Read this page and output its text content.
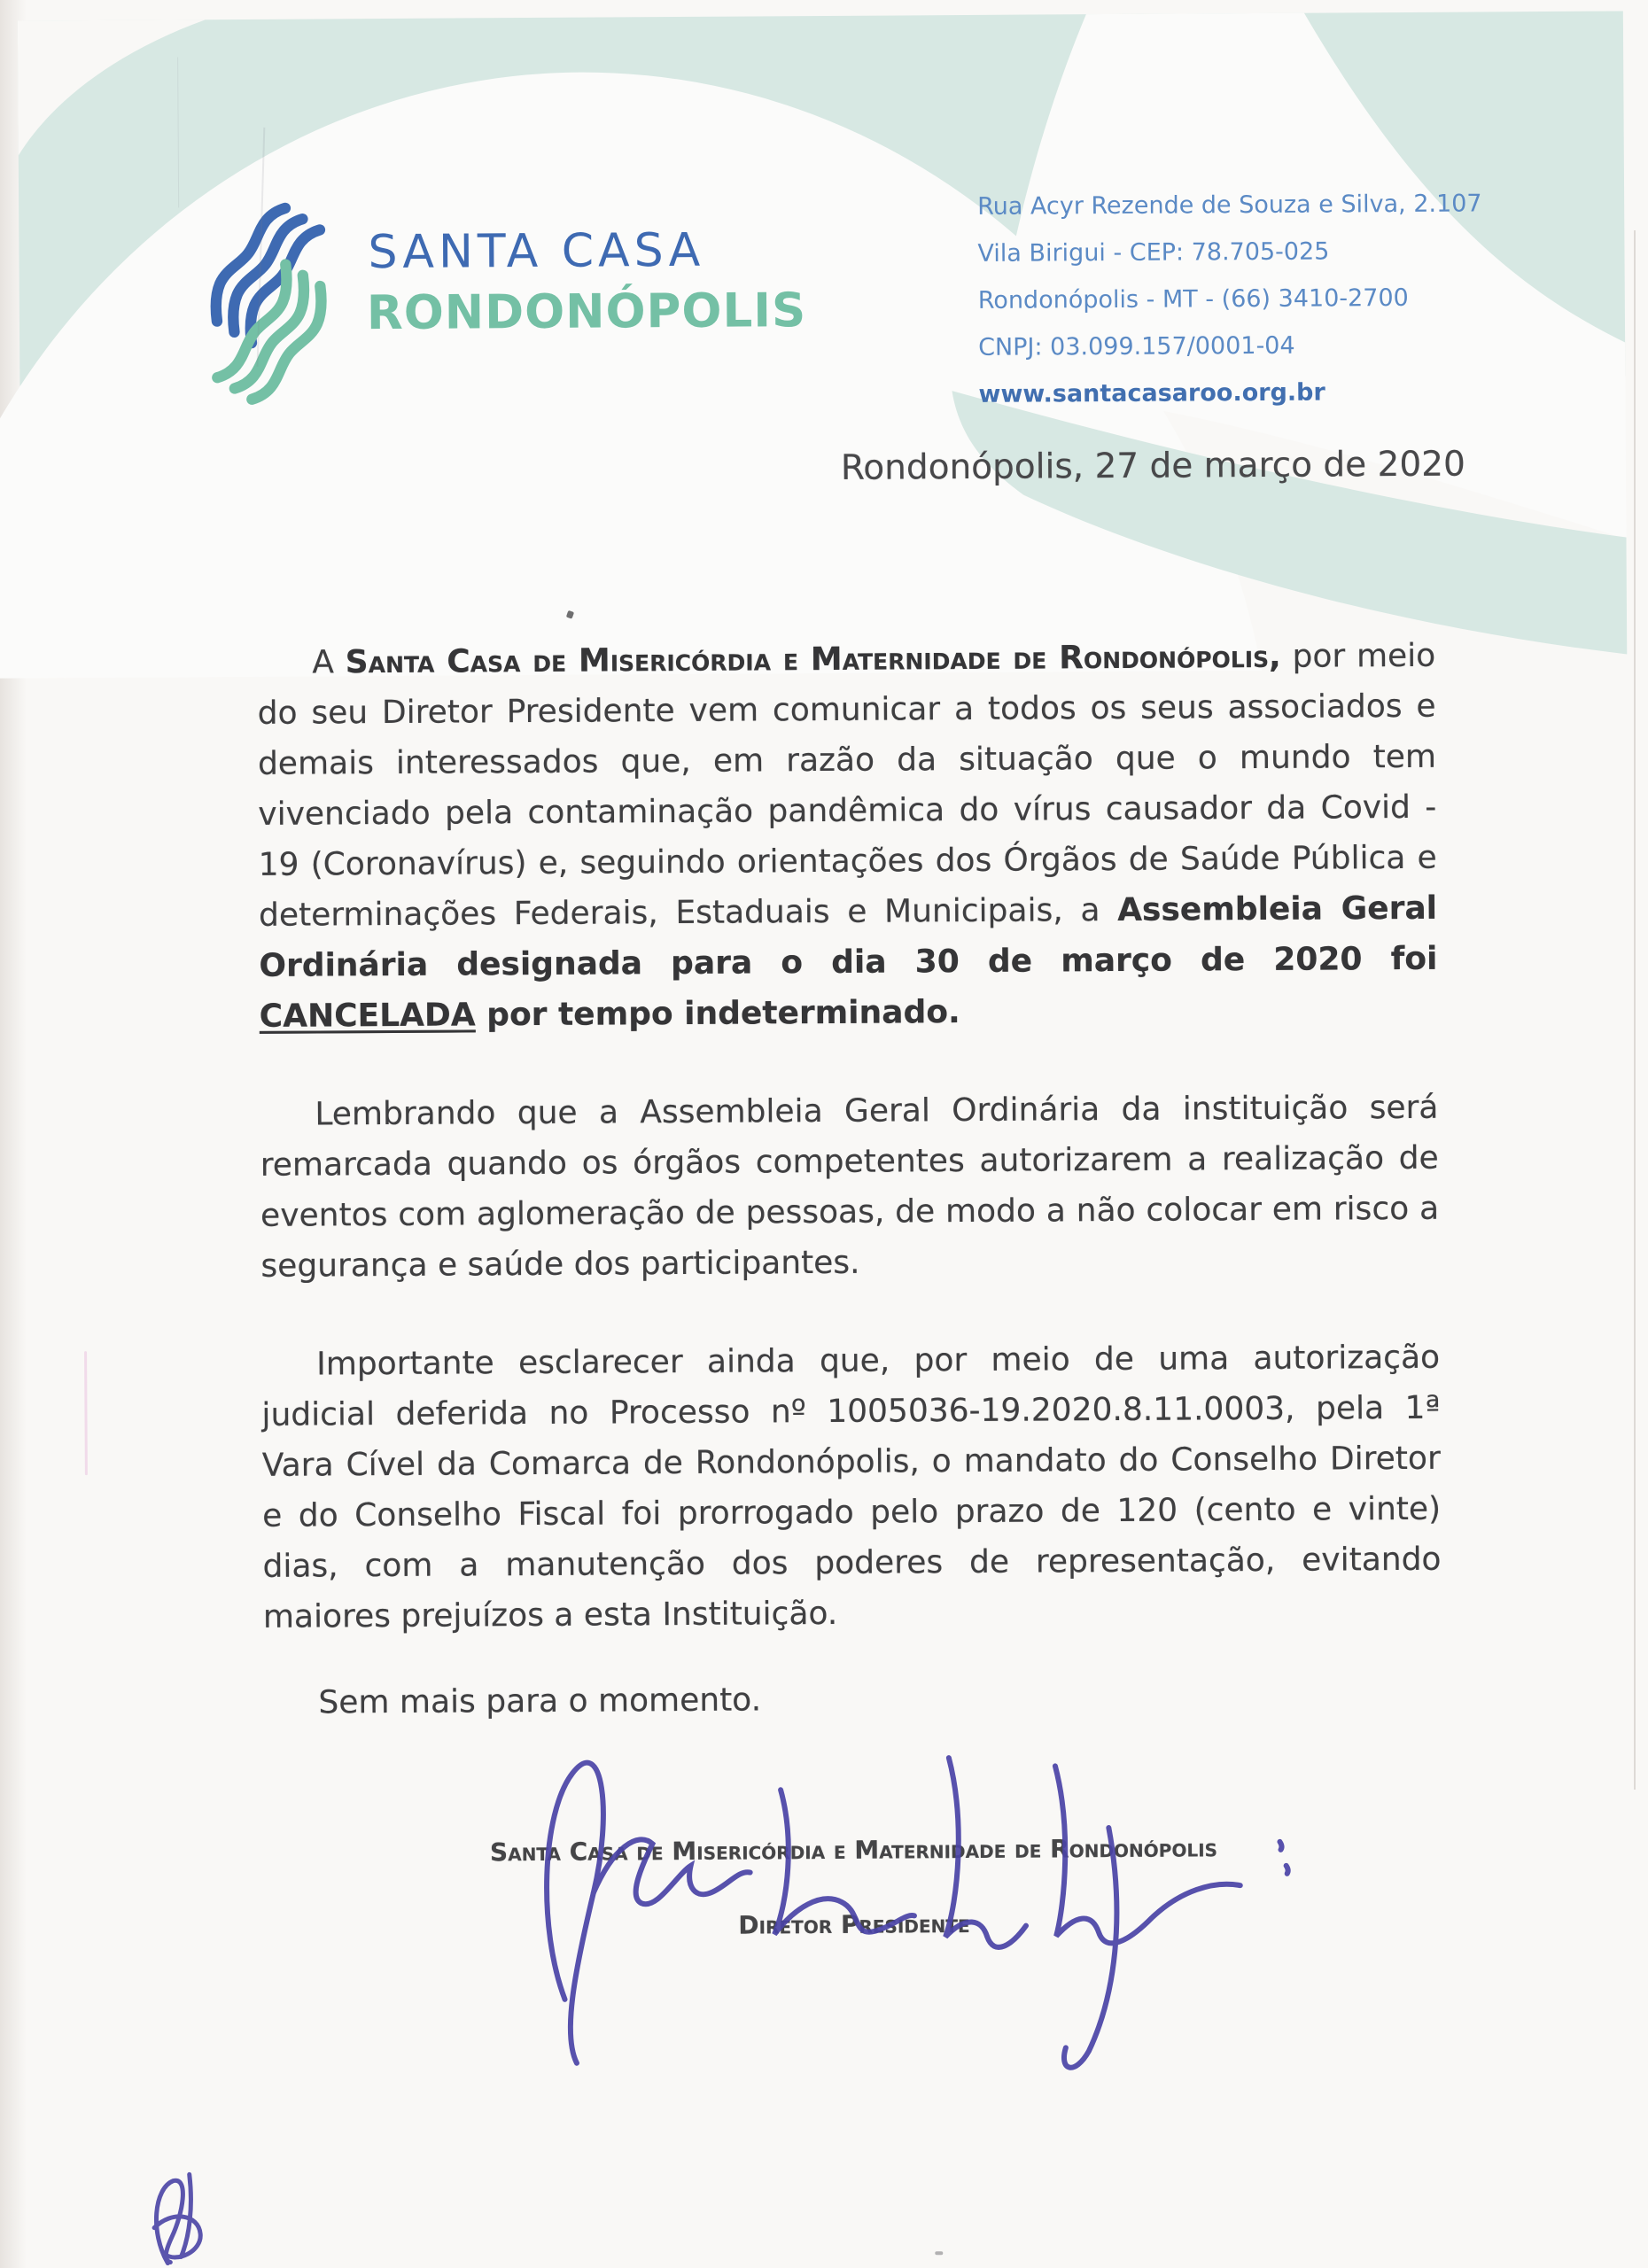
SANTA CASA
RONDONÓPOLIS
Rua Acyr Rezende de Souza e Silva, 2.107
Vila Birigui - CEP: 78.705-025
Rondonópolis - MT - (66) 3410-2700
CNPJ: 03.099.157/0001-04
www.santacasaroo.org.br
Rondonópolis, 27 de março de 2020

A Santa Casa de Misericórdia e Maternidade de Rondonópolis, por meio do seu Diretor Presidente vem comunicar a todos os seus associados e demais interessados que, em razão da situação que o mundo tem vivenciado pela contaminação pandêmica do vírus causador da Covid - 19 (Coronavírus) e, seguindo orientações dos Órgãos de Saúde Pública e determinações Federais, Estaduais e Municipais, a Assembleia Geral Ordinária designada para o dia 30 de março de 2020 foi CANCELADA por tempo indeterminado.

Lembrando que a Assembleia Geral Ordinária da instituição será remarcada quando os órgãos competentes autorizarem a realização de eventos com aglomeração de pessoas, de modo a não colocar em risco a segurança e saúde dos participantes.

Importante esclarecer ainda que, por meio de uma autorização judicial deferida no Processo nº 1005036-19.2020.8.11.0003, pela 1ª Vara Cível da Comarca de Rondonópolis, o mandato do Conselho Diretor e do Conselho Fiscal foi prorrogado pelo prazo de 120 (cento e vinte) dias, com a manutenção dos poderes de representação, evitando maiores prejuízos a esta Instituição.

Sem mais para o momento.

Santa Casa de Misericórdia e Maternidade de Rondonópolis
Diretor Presidente
